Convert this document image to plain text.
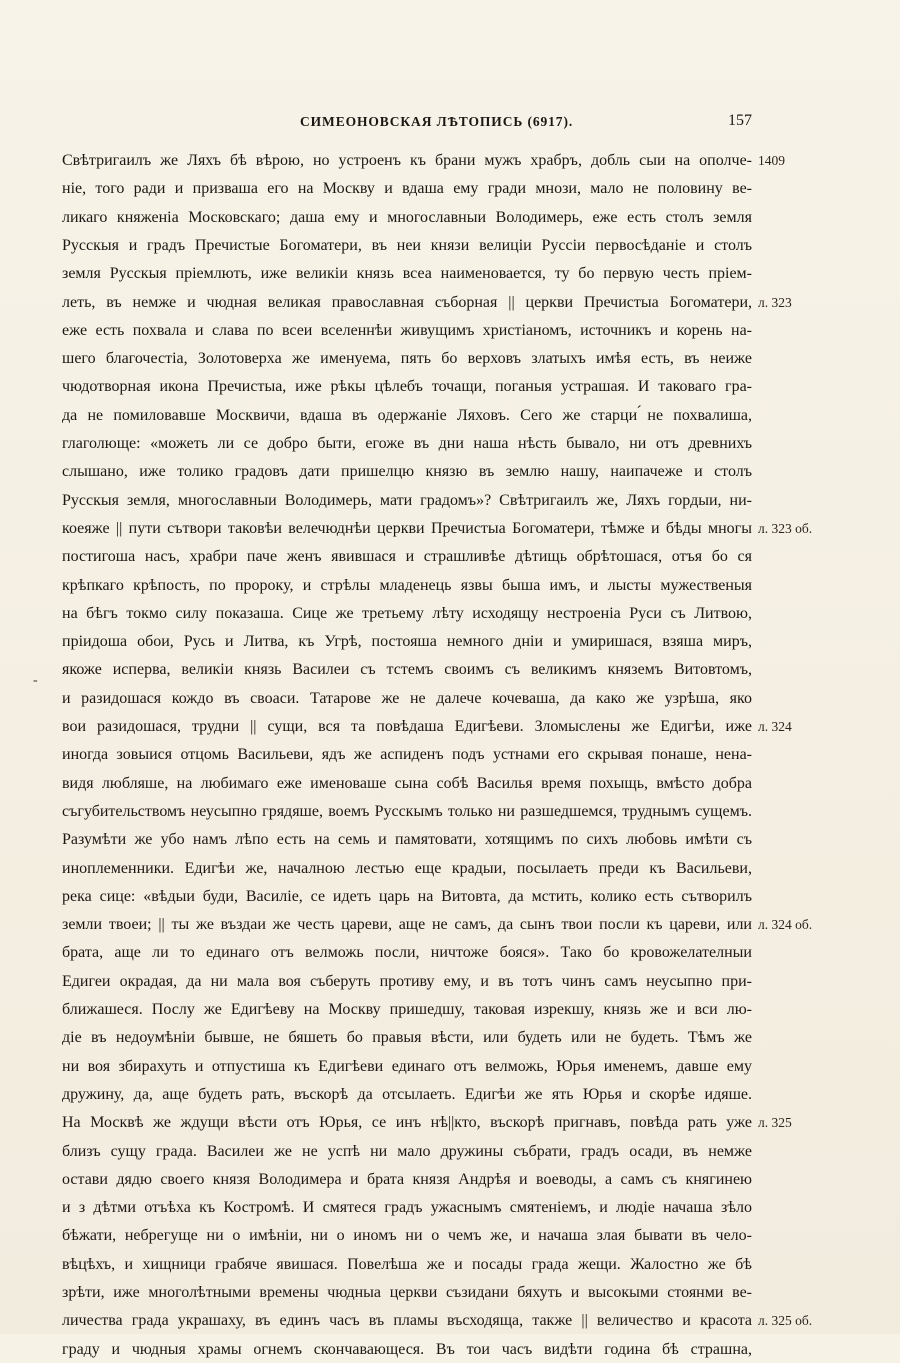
СИМЕОНОВСКАЯ ЛѢТОПИСЬ (6917).	157
-
Свѣтригаилъ же Ляхъ бѣ вѣрою, но устроенъ къ брани мужъ храбръ, добль сыи на ополче-
ніе, того ради и призваша его на Москву и вдаша ему гради мнози, мало не половину ве-
ликаго княженіа Московскаго; даша ему и многославныи Володимерь, еже есть столъ земля
Русскыя и градъ Пречистые Богоматери, въ неи князи велиціи Руссіи первосѣданіе и столъ
земля Русскыя пріемлють, иже великіи князь всеа наименовается, ту бо первую честь пріем-
леть, въ немже и чюдная великая православная съборная || церкви Пречистыа Богоматери,
еже есть похвала и слава по всеи вселеннѣи живущимъ христіаномъ, источникъ и корень на-
шего благочестіа, Золотоверха же именуема, пять бо верховъ златыхъ имѣя есть, въ неиже
чюдотворная икона Пречистыа, иже рѣкы цѣлебъ точащи, поганыя устрашая. И таковаго гра-
да не помиловавше Москвичи, вдаша въ одержаніе Ляховъ. Сего же старци ́не похвалиша,
глаголюще: «можеть ли се добро быти, егоже въ дни наша нѣсть бывало, ни отъ древнихъ
слышано, иже толико градовъ дати пришелцю князю въ землю нашу, наипачеже и столъ
Русскыя земля, многославныи Володимерь, мати градомъ»? Свѣтригаилъ же, Ляхъ гордыи, ни-
коеяже || пути сътвори таковѣи велечюднѣи церкви Пречистыа Богоматери, тѣмже и бѣды многы
постигоша насъ, храбри паче женъ явившася и страшливѣе дѣтищь обрѣтошася, отъя бо ся
крѣпкаго крѣпость, по пророку, и стрѣлы младенець язвы быша имъ, и лысты мужественыя
на бѣгъ токмо силу показаша. Сице же третьему лѣту исходящу нестроеніа Руси съ Литвою,
пріидоша обои, Русь и Литва, къ Угрѣ, постояша немного дніи и умиришася, взяша миръ,
якоже исперва, великіи князь Василеи съ тстемъ своимъ съ великимъ княземъ Витовтомъ,
и разидошася кождо въ своаси. Татарове же не далече кочеваша, да како же узрѣша, яко
вои разидошася, трудни || сущи, вся та повѣдаша Едигѣеви. Зломыслены же Едигѣи, иже
иногда зовыися отцомь Васильеви, ядъ же аспиденъ подъ устнами его скрывая понаше, нена-
видя любляше, на любимаго еже именоваше сына собѣ Василья время похыщь, вмѣсто добра
съгубительствомъ неусыпно грядяше, воемъ Русскымъ только ни разшедшемся, труднымъ сущемъ.
Разумѣти же убо намъ лѣпо есть на семь и памятовати, хотящимъ по сихъ любовь имѣти съ
иноплеменники. Едигѣи же, началною лестью еще крадыи, посылаеть преди къ Васильеви,
река сице: «вѣдыи буди, Василіе, се идеть царь на Витовта, да мстить, колико есть сътворилъ
земли твоеи; || ты же въздаи же честь цареви, аще не самъ, да сынъ твои посли къ цареви, или
брата, аще ли то единаго отъ велможь посли, ничтоже бояся». Тако бо кровожелателныи
Едигеи окрадая, да ни мала воя съберуть противу ему, и въ тотъ чинъ самъ неусыпно при-
ближашеся. Послу же Едигѣеву на Москву пришедшу, таковая изрекшу, князь же и вси лю-
діе въ недоумѣніи бывше, не бяшеть бо правыя вѣсти, или будеть или не будеть. Тѣмъ же
ни воя збирахуть и отпустиша къ Едигѣеви единаго отъ велможь, Юрья именемъ, давше ему
дружину, да, аще будеть рать, въскорѣ да отсылаеть. Едигѣи же ять Юрья и скорѣе идяше.
На Москвѣ же ждущи вѣсти отъ Юрья, се инъ нѣ||кто, въскорѣ пригнавъ, повѣда рать уже
близъ сущу града. Василеи же не успѣ ни мало дружины събрати, градъ осади, въ немже
остави дядю своего князя Володимера и брата князя Андрѣя и воеводы, а самъ съ княгинею
и з дѣтми отъѣха къ Костромѣ. И смятеся градъ ужаснымъ смятеніемъ, и людіе начаша зѣло
бѣжати, небрегуще ни о имѣніи, ни о иномъ ни о чемъ же, и начаша злая бывати въ чело-
вѣцѣхъ, и хищници грабяче явишася. Повелѣша же и посады града жещи. Жалостно же бѣ
зрѣти, иже многолѣтными времены чюдныа церкви съзидани бяхуть и высокыми стоянми ве-
личества града украшаху, въ единъ часъ въ пламы въсходяща, также || величество и красота
граду и чюдныя храмы огнемъ скончавающеся. Въ тои часъ видѣти година бѣ страшна,
1409
л. 323
л. 323 об.
л. 324
л. 324 об.
л. 325
л. 325 об.
